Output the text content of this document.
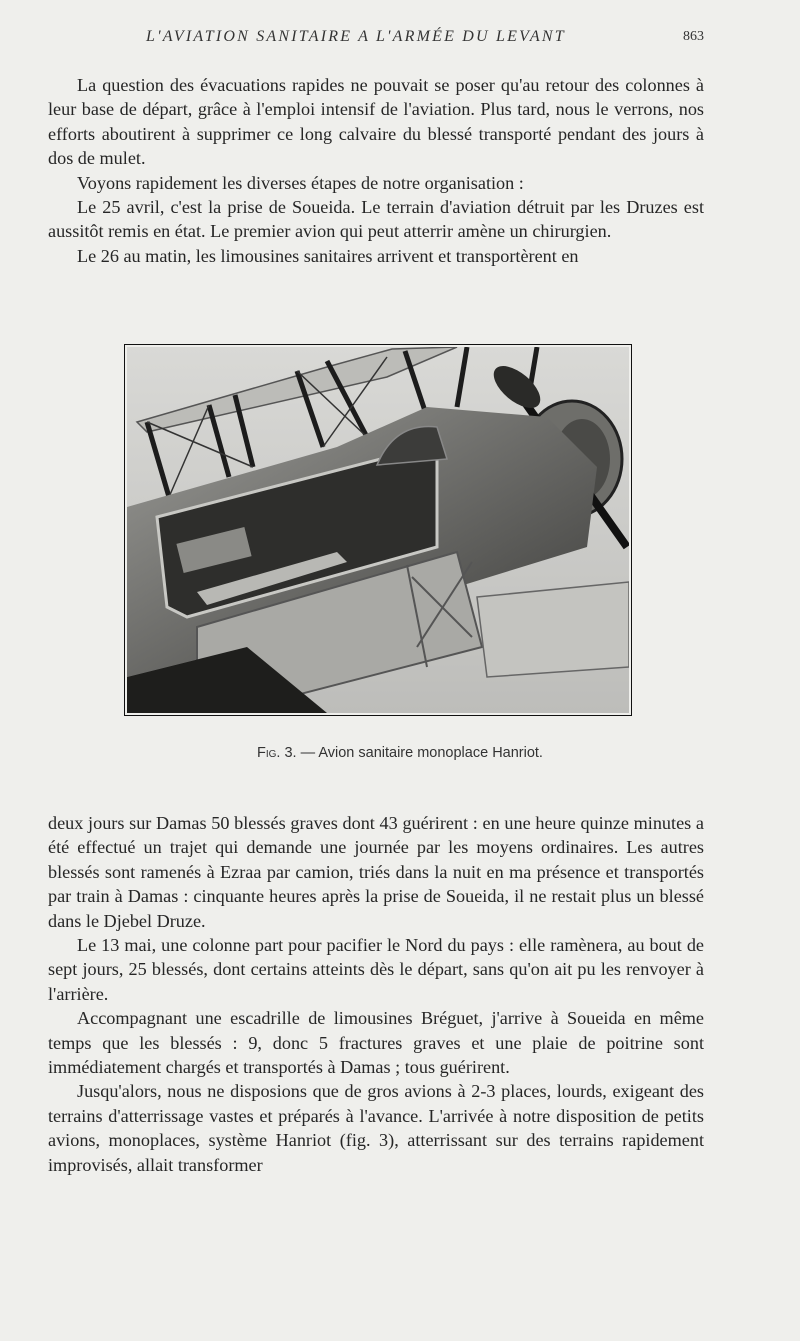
L'AVIATION SANITAIRE A L'ARMÉE DU LEVANT	863

La question des évacuations rapides ne pouvait se poser qu'au retour des colonnes à leur base de départ, grâce à l'emploi intensif de l'aviation. Plus tard, nous le verrons, nos efforts aboutirent à supprimer ce long calvaire du blessé transporté pendant des jours à dos de mulet.

Voyons rapidement les diverses étapes de notre organisation :

Le 25 avril, c'est la prise de Soueida. Le terrain d'aviation détruit par les Druzes est aussitôt remis en état. Le premier avion qui peut atterrir amène un chirurgien.

Le 26 au matin, les limousines sanitaires arrivent et transportèrent en

Fig. 3. — Avion sanitaire monoplace Hanriot.

deux jours sur Damas 50 blessés graves dont 43 guérirent : en une heure quinze minutes a été effectué un trajet qui demande une journée par les moyens ordinaires. Les autres blessés sont ramenés à Ezraa par camion, triés dans la nuit en ma présence et transportés par train à Damas : cinquante heures après la prise de Soueida, il ne restait plus un blessé dans le Djebel Druze.

Le 13 mai, une colonne part pour pacifier le Nord du pays : elle ramènera, au bout de sept jours, 25 blessés, dont certains atteints dès le départ, sans qu'on ait pu les renvoyer à l'arrière.

Accompagnant une escadrille de limousines Bréguet, j'arrive à Soueida en même temps que les blessés : 9, donc 5 fractures graves et une plaie de poitrine sont immédiatement chargés et transportés à Damas ; tous guérirent.

Jusqu'alors, nous ne disposions que de gros avions à 2-3 places, lourds, exigeant des terrains d'atterrissage vastes et préparés à l'avance. L'arrivée à notre disposition de petits avions, monoplaces, système Hanriot (fig. 3), atterrissant sur des terrains rapidement improvisés, allait transformer
